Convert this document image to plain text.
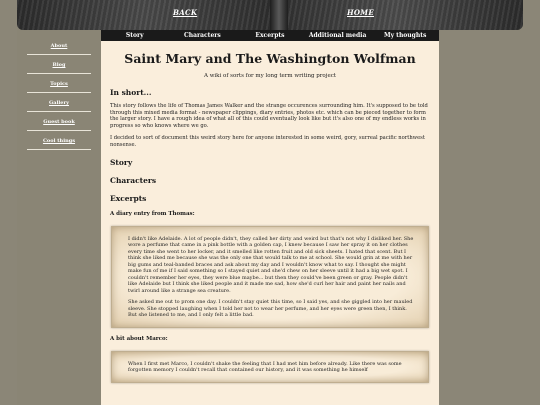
BACK	HOME
About
Blog
Topics
Gallery
Guest book
Cool things
Story	Characters	Excerpts	Additional media	My thoughts
Saint Mary and The Washington Wolfman
A wiki of sorts for my long term writing project
In short...

This story follows the life of Thomas James Walker and the strange occurences surrounding him. It's supposed to be told through this mixed media format - newspaper clippings, diary entries, photos etc. which can be pieced together to form the larger story. I have a rough idea of what all of this could eventually look like but it's also one of my endless works in progress so who knows where we go.

I decided to sort of document this weird story here for anyone interested in some weird, gory, surreal pacific northwest nonsense.

Story
Characters
Excerpts
A diary entry from Thomas:

I didn't like Adelaide. A lot of people didn't, they called her dirty and weird but that's not why I disliked her. She wore a perfume that came in a pink bottle with a golden cap, I knew because I saw her spray it on her clothes every time she went to her locker, and it smelled like rotten fruit and old sick sheets. I hated that scent. But I think she liked me because she was the only one that would talk to me at school. She would grin at me with her big gums and teal-banded braces and ask about my day and I wouldn't know what to say. I thought she might make fun of me if I said something so I stayed quiet and she'd chew on her sleeve until it had a big wet spot. I couldn't remember her eyes, they were blue maybe... but then they could've been green or gray. People didn't like Adelaide but I think she liked people and it made me sad, how she'd curl her hair and paint her nails and twirl around like a strange sea creature.

She asked me out to prom one day. I couldn't stay quiet this time, so I said yes, and she giggled into her mauled sleeve. She stopped laughing when I told her not to wear her perfume, and her eyes were green then, I think. But she listened to me, and I only felt a little bad.

A bit about Marco:

When I first met Marco, I couldn't shake the feeling that I had met him before already. Like there was some forgotten memory I couldn't recall that contained our history, and it was something he himself
